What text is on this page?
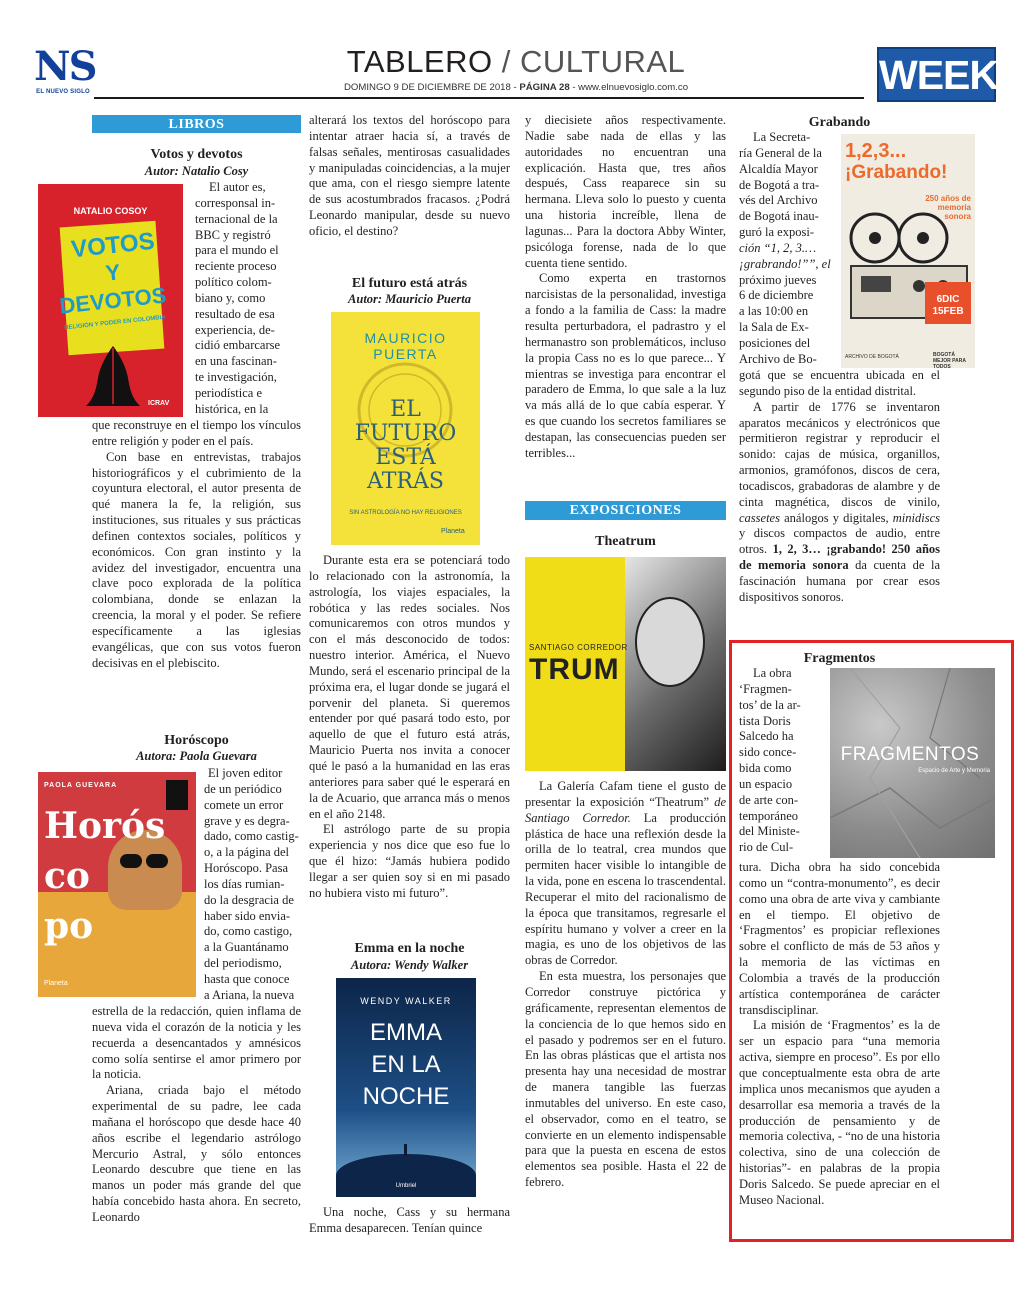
NS
EL NUEVO SIGLO
TABLERO / CULTURAL
DOMINGO 9 DE DICIEMBRE DE 2018 - PÁGINA 28 - www.elnuevosiglo.com.co	WEEK
LIBROS
Votos y devotos
Autor: Natalio Cosy
NATALIO COSOY
VOTOS
Y
DEVOTOS
RELIGIÓN Y PODER EN COLOMBIA
ICRAV
El autor es,
corresponsal in-
ternacional de la
BBC y registró
para el mundo el
reciente proceso
político colom-
biano y, como
resultado de esa
experiencia, de-
cidió embarcarse
en una fascinan-
te investigación,
periodística e
histórica, en la

que reconstruye en el tiempo los vínculos entre religión y poder en el país.

Con base en entrevistas, trabajos historiográficos y el cubrimiento de la coyuntura electoral, el autor presenta de qué manera la fe, la religión, sus instituciones, sus rituales y sus prácticas definen contextos sociales, políticos y económicos. Con gran instinto y la avidez del investigador, encuentra una clave poco explorada de la política colombiana, donde se enlazan la creencia, la moral y el poder. Se refiere específicamente a las iglesias evangélicas, que con sus votos fueron decisivas en el plebiscito.

Horóscopo
Autora: Paola Guevara
PAOLA GUEVARA
Horós
co
po
Planeta
El joven editor
de un periódico
comete un error
grave y es degra-
dado, como castig-
o, a la página del
Horóscopo. Pasa
los días rumian-
do la desgracia de
haber sido envia-
do, como castigo,
a la Guantánamo
del periodismo,
hasta que conoce
a Ariana, la nueva

estrella de la redacción, quien inflama de nueva vida el corazón de la noticia y les recuerda a desencantados y amnésicos como solía sentirse el amor primero por la noticia.

Ariana, criada bajo el método experimental de su padre, lee cada mañana el horóscopo que desde hace 40 años escribe el legendario astrólogo Mercurio Astral, y sólo entonces Leonardo descubre que tiene en las manos un poder más grande del que había concebido hasta ahora. En secreto, Leonardo

alterará los textos del horóscopo para intentar atraer hacia sí, a través de falsas señales, mentirosas casualidades y manipuladas coincidencias, a la mujer que ama, con el riesgo siempre latente de sus acostumbrados fracasos. ¿Podrá Leonardo manipular, desde su nuevo oficio, el destino?

El futuro está atrás
Autor: Mauricio Puerta
MAURICIO
PUERTA
EL
FUTURO
ESTÁ
ATRÁS
SIN ASTROLOGÍA NO HAY RELIGIONES
Planeta

Durante esta era se potenciará todo lo relacionado con la astronomía, la astrología, los viajes espaciales, la robótica y las redes sociales. Nos comunicaremos con otros mundos y con el más desconocido de todos: nuestro interior. América, el Nuevo Mundo, será el escenario principal de la próxima era, el lugar donde se jugará el porvenir del planeta. Si queremos entender por qué pasará todo esto, por aquello de que el futuro está atrás, Mauricio Puerta nos invita a conocer qué le pasó a la humanidad en las eras anteriores para saber qué le esperará en la de Acuario, que arranca más o menos en el año 2148.

El astrólogo parte de su propia experiencia y nos dice que eso fue lo que él hizo: “Jamás hubiera podido llegar a ser quien soy si en mi pasado no hubiera visto mi futuro”.

Emma en la noche
Autora: Wendy Walker
WENDY WALKER
EMMA
EN LA
NOCHE
Umbriel

Una noche, Cass y su hermana Emma desaparecen. Tenían quince

y diecisiete años respectivamente. Nadie sabe nada de ellas y las autoridades no encuentran una explicación. Hasta que, tres años después, Cass reaparece sin su hermana. Lleva solo lo puesto y cuenta una historia increíble, llena de lagunas... Para la doctora Abby Winter, psicóloga forense, nada de lo que cuenta tiene sentido.

Como experta en trastornos narcisistas de la personalidad, investiga a fondo a la familia de Cass: la madre resulta perturbadora, el padrastro y el hermanastro son problemáticos, incluso la propia Cass no es lo que parece... Y mientras se investiga para encontrar el paradero de Emma, lo que sale a la luz va más allá de lo que cabía esperar. Y es que cuando los secretos familiares se destapan, las consecuencias pueden ser terribles...

EXPOSICIONES
Theatrum
SANTIAGO CORREDOR
TRUM

La Galería Cafam tiene el gusto de presentar la exposición “Theatrum” de Santiago Corredor. La producción plástica de hace una reflexión desde la orilla de lo teatral, crea mundos que permiten hacer visible lo intangible de la vida, pone en escena lo trascendental. Recuperar el mito del racionalismo de la época que transitamos, regresarle el espíritu humano y volver a creer en la magia, es uno de los objetivos de las obras de Corredor.

En esta muestra, los personajes que Corredor construye pictórica y gráficamente, representan elementos de la conciencia de lo que hemos sido en el pasado y podremos ser en el futuro. En las obras plásticas que el artista nos presenta hay una necesidad de mostrar de manera tangible las fuerzas inmutables del universo. En este caso, el observador, como en el teatro, se convierte en un elemento indispensable para que la puesta en escena de estos elementos sea posible. Hasta el 22 de febrero.

Grabando
1,2,3...
¡Grabando!
250 años de memoria sonora
6DIC
15FEB
ARCHIVO DE BOGOTÁ	BOGOTÁ MEJOR PARA TODOS
La Secreta-
ría General de la
Alcaldía Mayor
de Bogotá a tra-
vés del Archivo
de Bogotá inau-
guró la exposi-
ción “1, 2, 3.…
¡grabrando!””, el
próximo jueves
6 de diciembre
a las 10:00 en
la Sala de Ex-
posiciones del
Archivo de Bo-

gotá que se encuentra ubicada en el segundo piso de la entidad distrital.

A partir de 1776 se inventaron aparatos mecánicos y electrónicos que permitieron registrar y reproducir el sonido: cajas de música, organillos, armonios, gramófonos, discos de cera, tocadiscos, grabadoras de alambre y de cinta magnética, discos de vinilo, cassetes análogos y digitales, minidiscs y discos compactos de audio, entre otros. 1, 2, 3… ¡grabando! 250 años de memoria sonora da cuenta de la fascinación humana por crear esos dispositivos sonoros.

Fragmentos
FRAGMENTOS
Espacio de Arte y Memoria
La obra
‘Fragmen-
tos’ de la ar-
tista Doris
Salcedo ha
sido conce-
bida como
un espacio
de arte con-
temporáneo
del Ministe-
rio de Cul-

tura. Dicha obra ha sido concebida como un “contra-monumento”, es decir como una obra de arte viva y cambiante en el tiempo. El objetivo de ‘Fragmentos’ es propiciar reflexiones sobre el conflicto de más de 53 años y la memoria de las víctimas en Colombia a través de la producción artística contemporánea de carácter transdisciplinar.

La misión de ‘Fragmentos’ es la de ser un espacio para “una memoria activa, siempre en proceso”. Es por ello que conceptualmente esta obra de arte implica unos mecanismos que ayuden a desarrollar esa memoria a través de la producción de pensamiento y de memoria colectiva, - “no de una historia colectiva, sino de una colección de historias”- en palabras de la propia Doris Salcedo. Se puede apreciar en el Museo Nacional.
